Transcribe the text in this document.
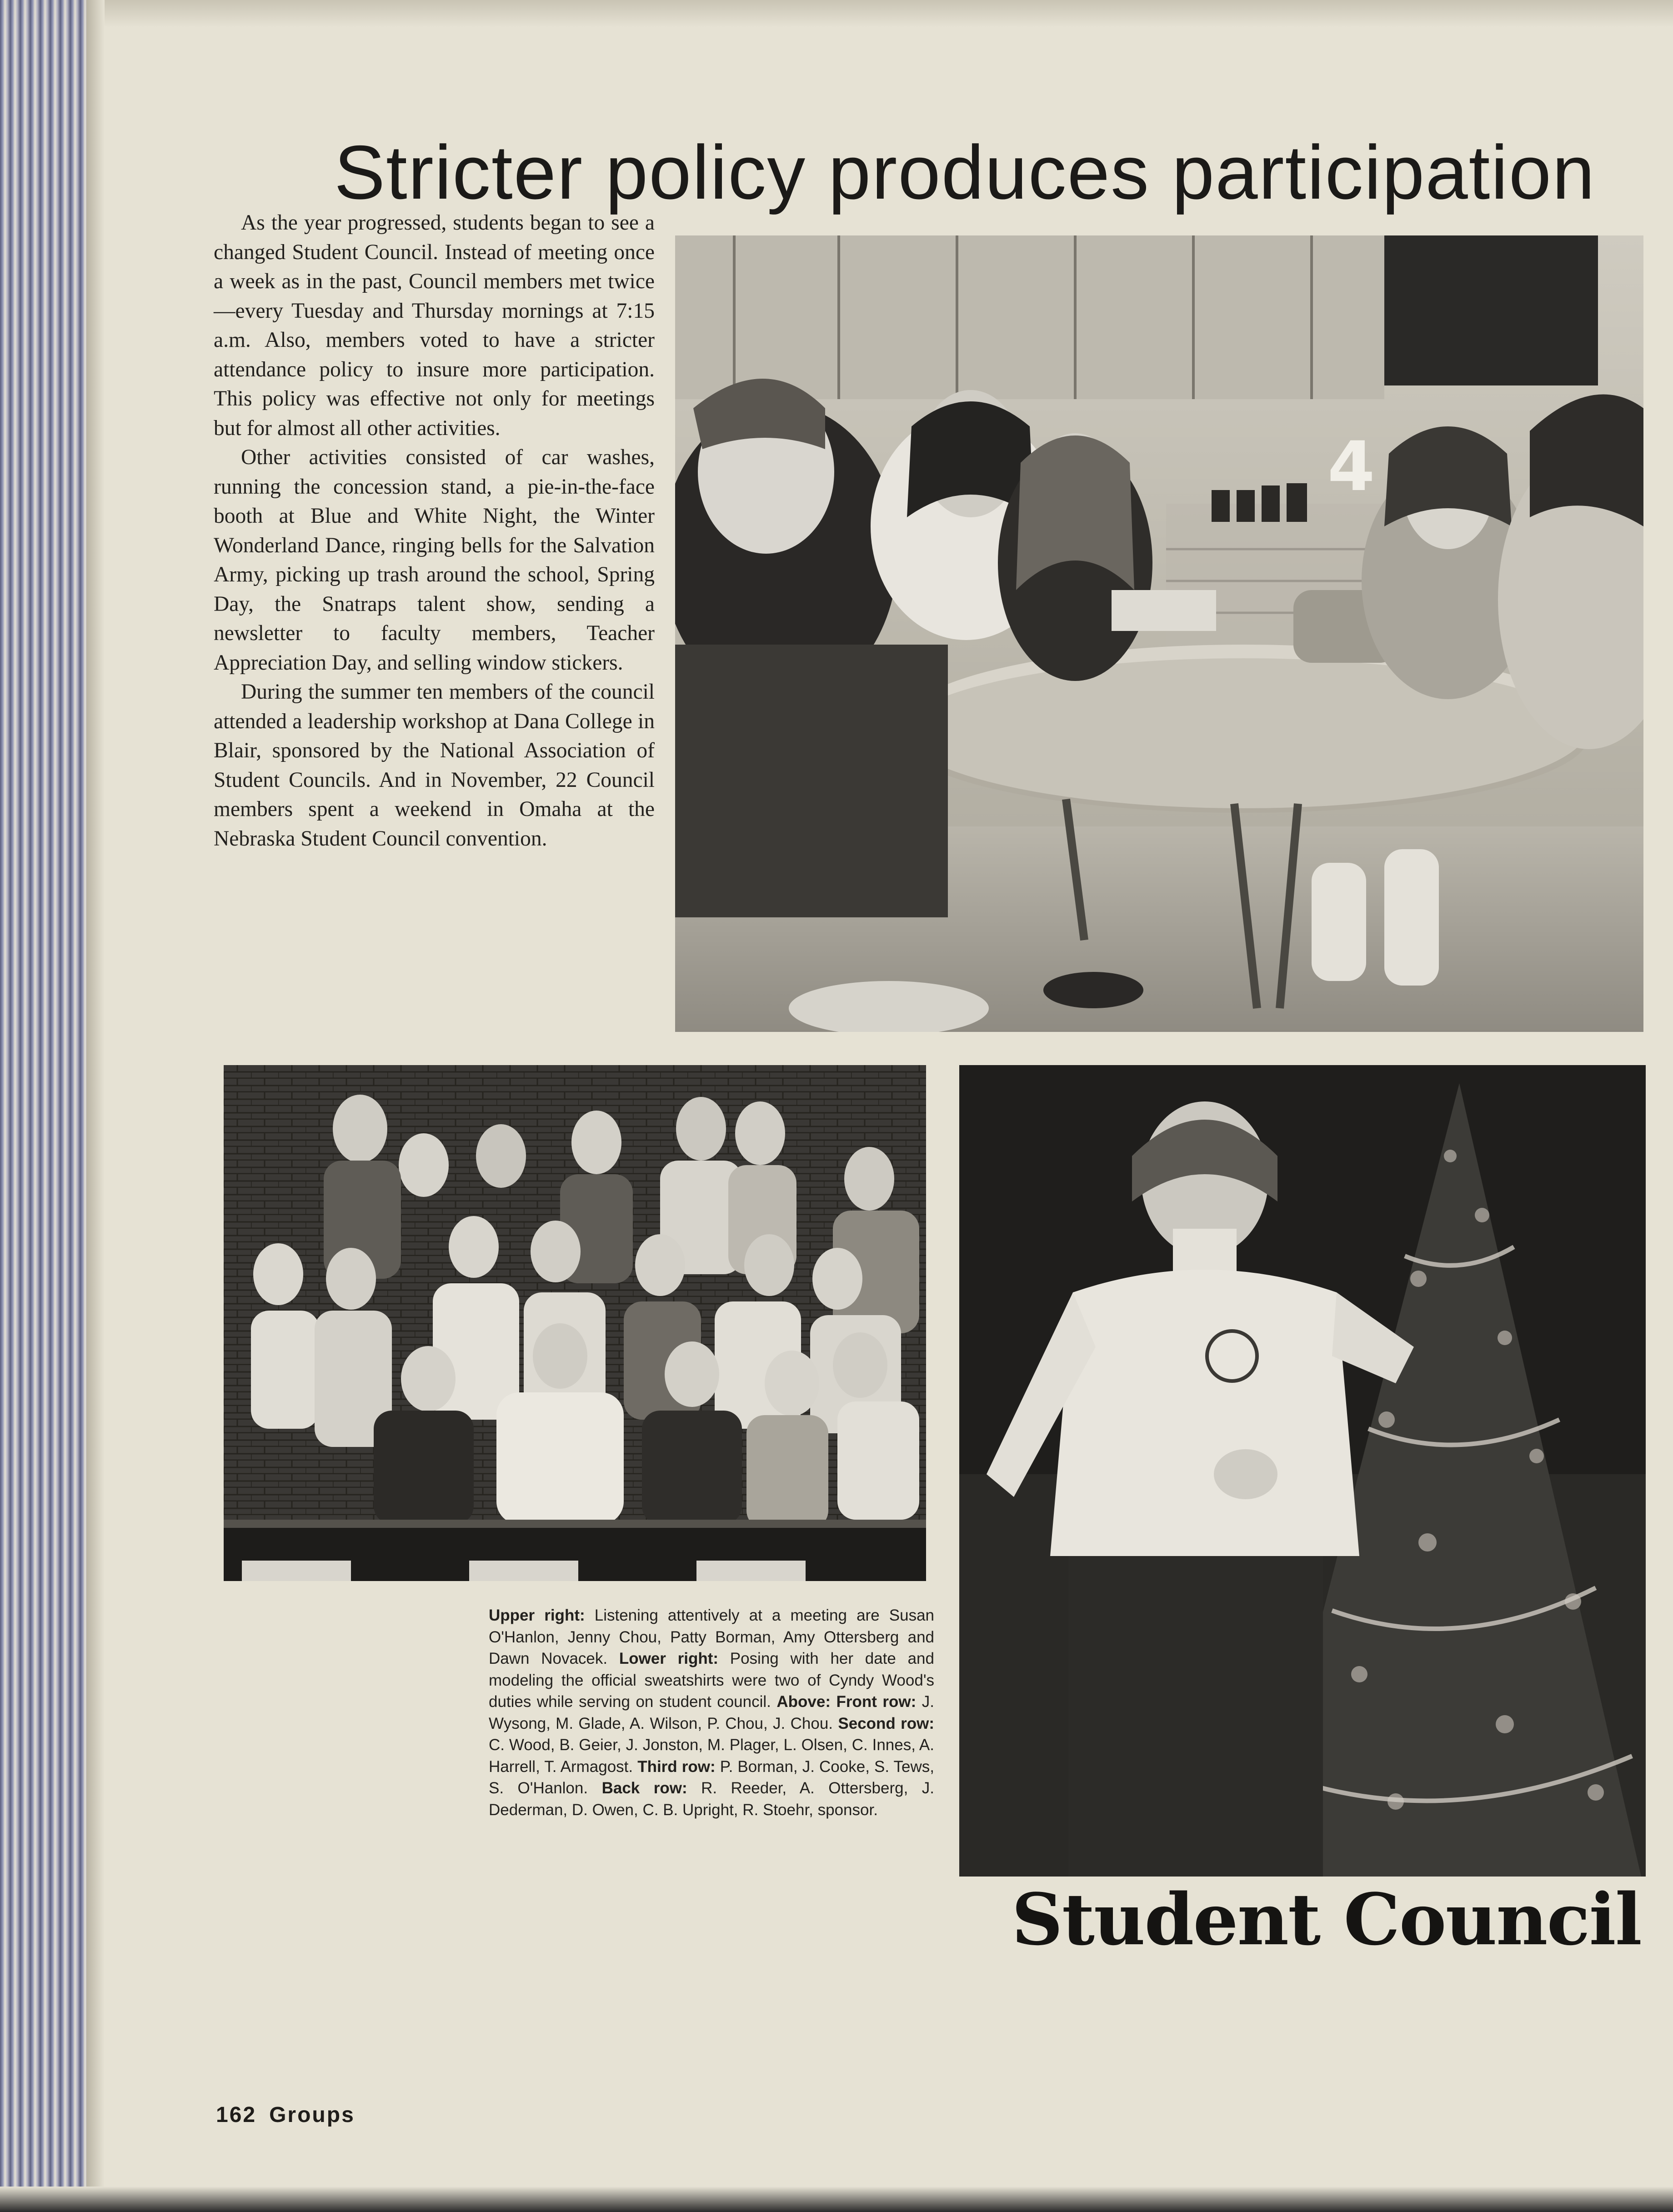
Stricter policy produces participation

As the year progressed, students began to see a changed Student Council. Instead of meeting once a week as in the past, Council members met twice—every Tuesday and Thursday mornings at 7:15 a.m. Also, members voted to have a stricter attendance policy to insure more participation. This policy was effective not only for meetings but for almost all other activities.

Other activities consisted of car washes, running the concession stand, a pie-in-the-face booth at Blue and White Night, the Winter Wonderland Dance, ringing bells for the Salvation Army, picking up trash around the school, Spring Day, the Snatraps talent show, sending a newsletter to faculty members, Teacher Appreciation Day, and selling window stickers.

During the summer ten members of the council attended a leadership workshop at Dana College in Blair, sponsored by the National Association of Student Councils. And in November, 22 Council members spent a weekend in Omaha at the Nebraska Student Council convention.

4

Upper right: Listening attentively at a meeting are Susan O'Hanlon, Jenny Chou, Patty Borman, Amy Ottersberg and Dawn Novacek. Lower right: Posing with her date and modeling the official sweatshirts were two of Cyndy Wood's duties while serving on student council. Above: Front row: J. Wysong, M. Glade, A. Wilson, P. Chou, J. Chou. Second row: C. Wood, B. Geier, J. Jonston, M. Plager, L. Olsen, C. Innes, A. Harrell, T. Armagost. Third row: P. Borman, J. Cooke, S. Tews, S. O'Hanlon. Back row: R. Reeder, A. Ottersberg, J. Dederman, D. Owen, C. B. Upright, R. Stoehr, sponsor.

Student Council

162 Groups
